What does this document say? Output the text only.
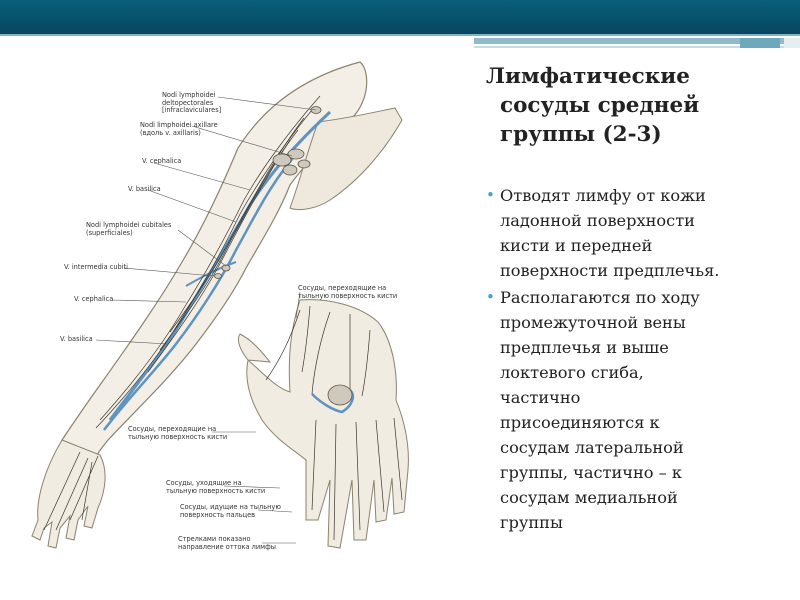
Nodi lymphoidei
deltopectorales
[infraclaviculares]
Nodi limphoidei axillare
(вдоль v. axillaris)
V. cephalica
V. basilica
Nodi lymphoidei cubitales
(superficiales)
V. intermedia cubiti
V. cephalica
V. basilica
Сосуды, переходящие на
тыльную поверхность кисти
Сосуды, переходящие на
тыльную поверхность кисти
Сосуды, уходящие на
тыльную поверхность кисти
Сосуды, идущие на тыльную
поверхность пальцев
Стрелками показано
направление оттока лимфы
Лимфатические
сосуды средней
группы (2-3)
• Отводят лимфу от кожи
ладонной поверхности
кисти и передней
поверхности предплечья.
• Располагаются по ходу
промежуточной вены
предплечья и выше
локтевого сгиба,
частично
присоединяются к
сосудам латеральной
группы, частично – к
сосудам медиальной
группы
